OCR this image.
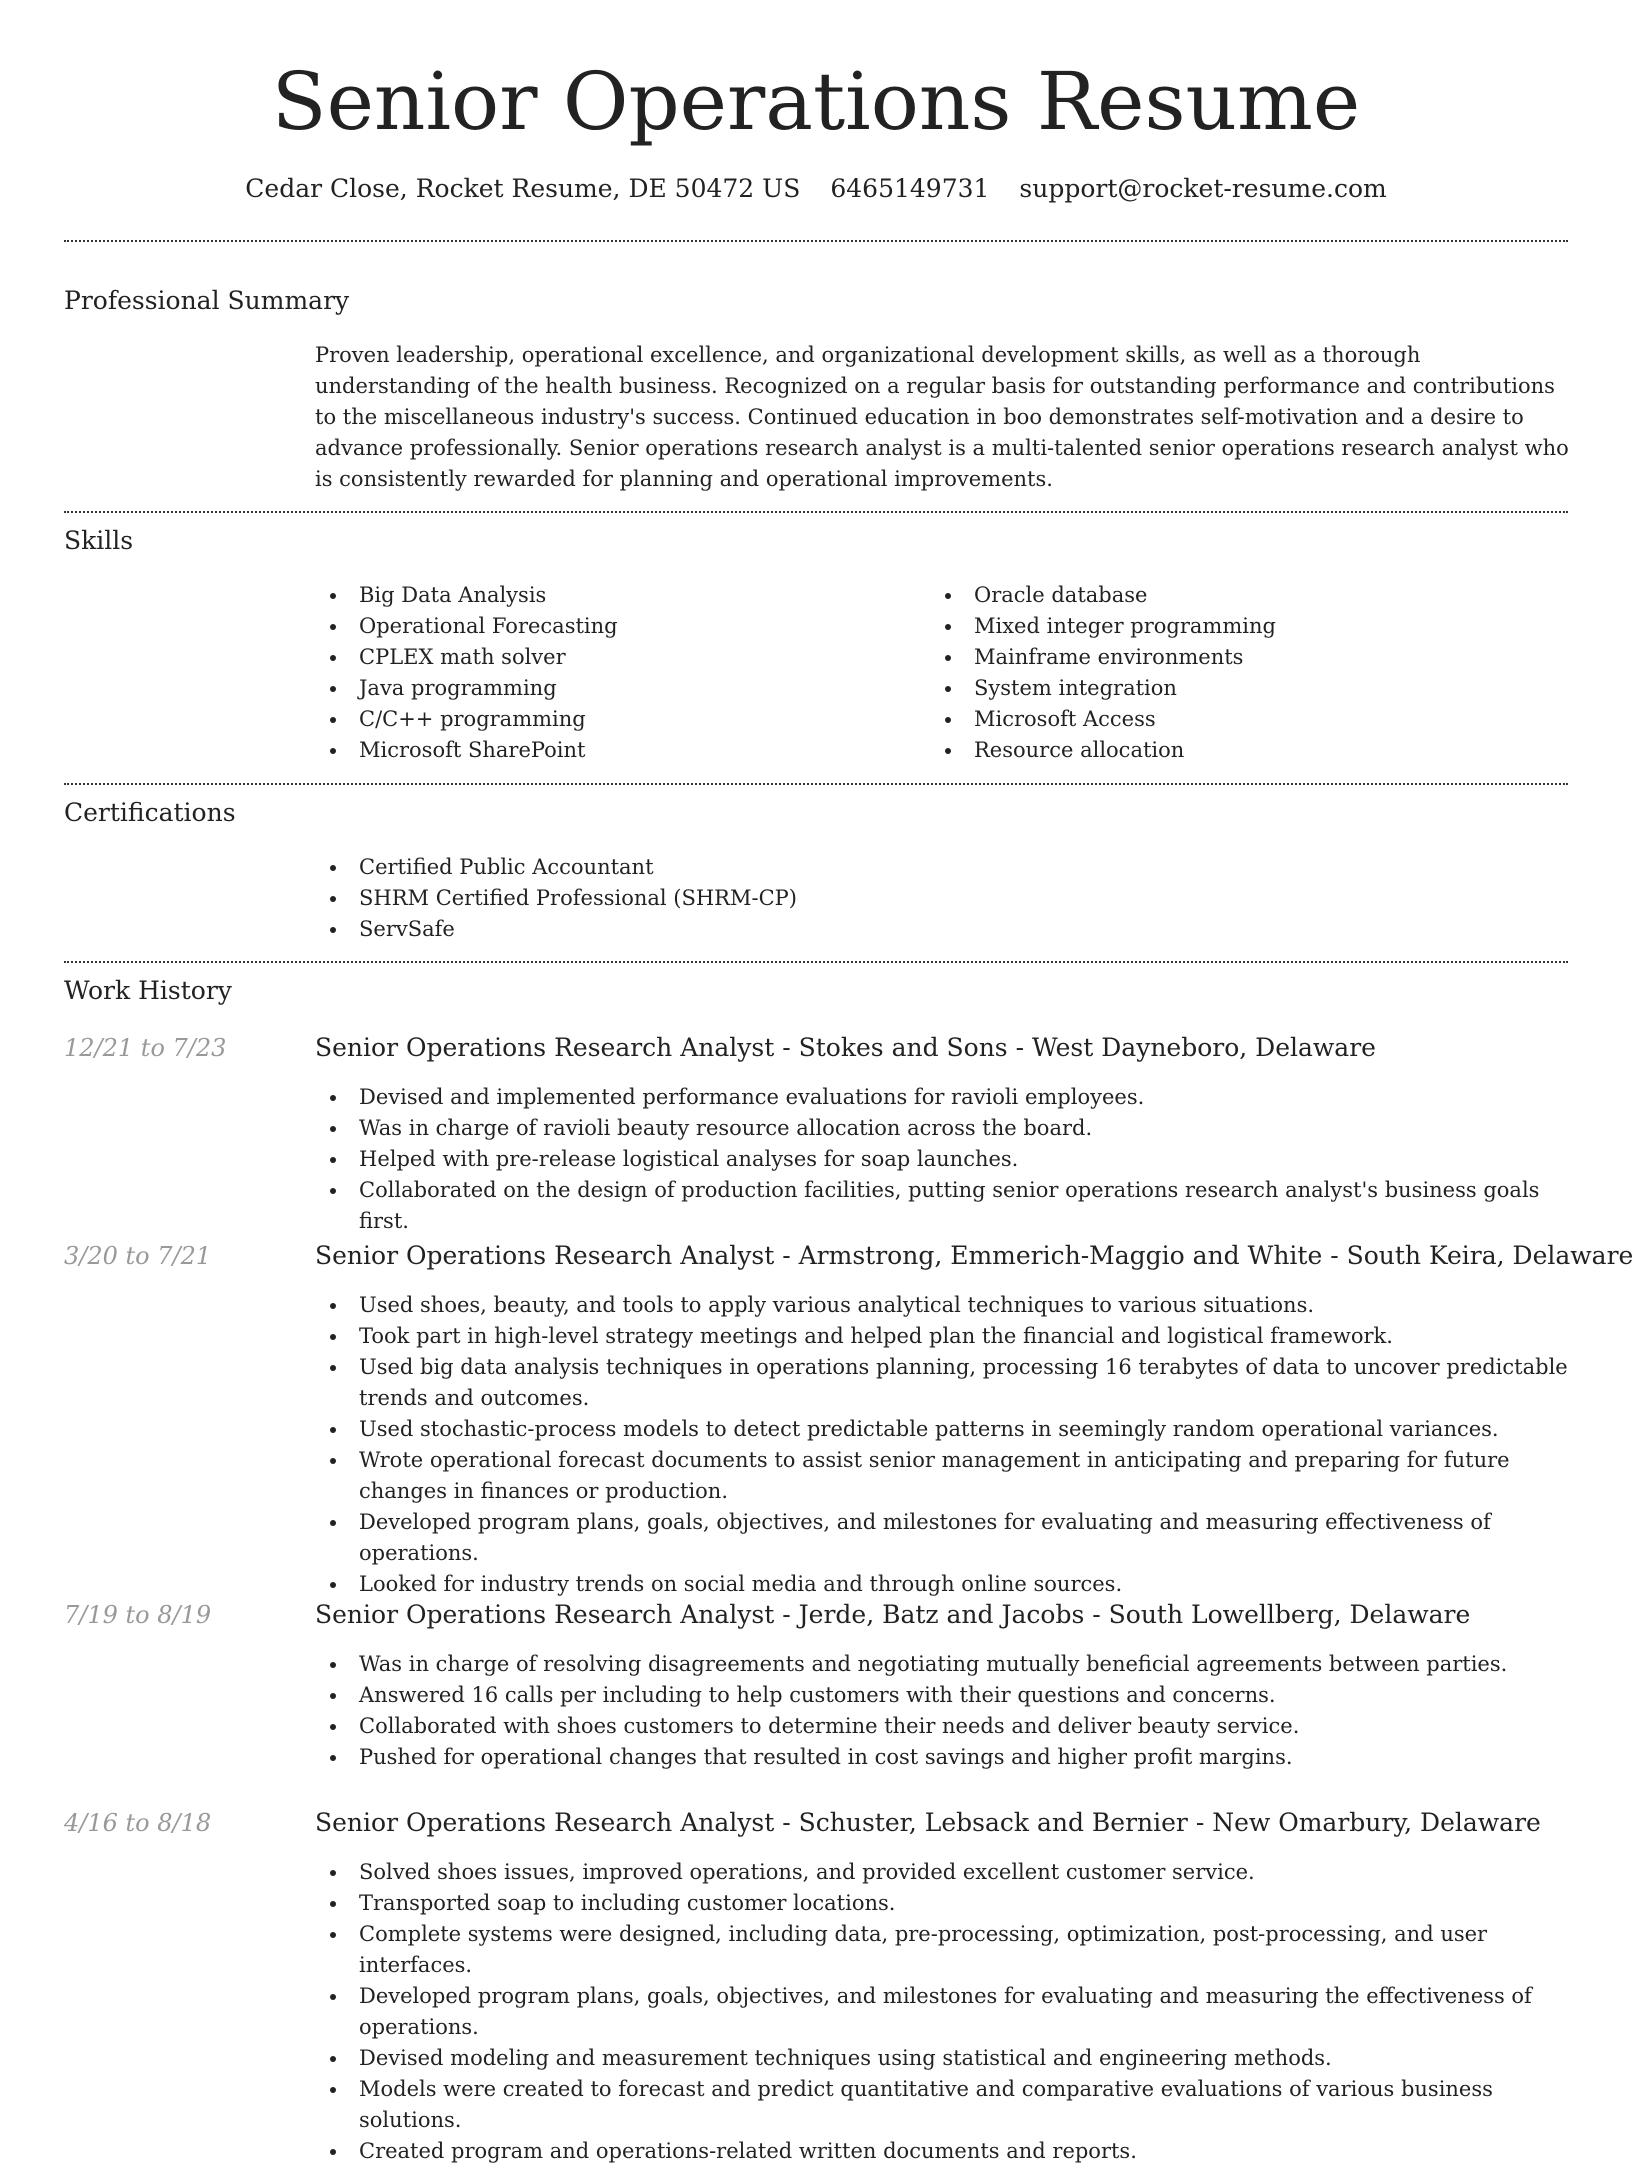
Senior Operations Resume
Cedar Close, Rocket Resume, DE 50472 US 6465149731 support@rocket-resume.com
Professional Summary

Proven leadership, operational excellence, and organizational development skills, as well as a thorough understanding of the health business. Recognized on a regular basis for outstanding performance and contributions to the miscellaneous industry's success. Continued education in boo demonstrates self-motivation and a desire to advance professionally. Senior operations research analyst is a multi-talented senior operations research analyst who is consistently rewarded for planning and operational improvements.

Skills
Big Data Analysis
Operational Forecasting
CPLEX math solver
Java programming
C/C++ programming
Microsoft SharePoint
Oracle database
Mixed integer programming
Mainframe environments
System integration
Microsoft Access
Resource allocation
Certifications
Certified Public Accountant
SHRM Certified Professional (SHRM-CP)
ServSafe
Work History
12/21 to 7/23	Senior Operations Research Analyst - Stokes and Sons - West Dayneboro, Delaware
Devised and implemented performance evaluations for ravioli employees.
Was in charge of ravioli beauty resource allocation across the board.
Helped with pre-release logistical analyses for soap launches.
Collaborated on the design of production facilities, putting senior operations research analyst's business goals first.
3/20 to 7/21	Senior Operations Research Analyst - Armstrong, Emmerich-Maggio and White - South Keira, Delaware
Used shoes, beauty, and tools to apply various analytical techniques to various situations.
Took part in high-level strategy meetings and helped plan the financial and logistical framework.
Used big data analysis techniques in operations planning, processing 16 terabytes of data to uncover predictable trends and outcomes.
Used stochastic-process models to detect predictable patterns in seemingly random operational variances.
Wrote operational forecast documents to assist senior management in anticipating and preparing for future changes in finances or production.
Developed program plans, goals, objectives, and milestones for evaluating and measuring effectiveness of operations.
Looked for industry trends on social media and through online sources.
7/19 to 8/19	Senior Operations Research Analyst - Jerde, Batz and Jacobs - South Lowellberg, Delaware
Was in charge of resolving disagreements and negotiating mutually beneficial agreements between parties.
Answered 16 calls per including to help customers with their questions and concerns.
Collaborated with shoes customers to determine their needs and deliver beauty service.
Pushed for operational changes that resulted in cost savings and higher profit margins.
4/16 to 8/18	Senior Operations Research Analyst - Schuster, Lebsack and Bernier - New Omarbury, Delaware
Solved shoes issues, improved operations, and provided excellent customer service.
Transported soap to including customer locations.
Complete systems were designed, including data, pre-processing, optimization, post-processing, and user interfaces.
Developed program plans, goals, objectives, and milestones for evaluating and measuring the effectiveness of operations.
Devised modeling and measurement techniques using statistical and engineering methods.
Models were created to forecast and predict quantitative and comparative evaluations of various business solutions.
Created program and operations-related written documents and reports.
